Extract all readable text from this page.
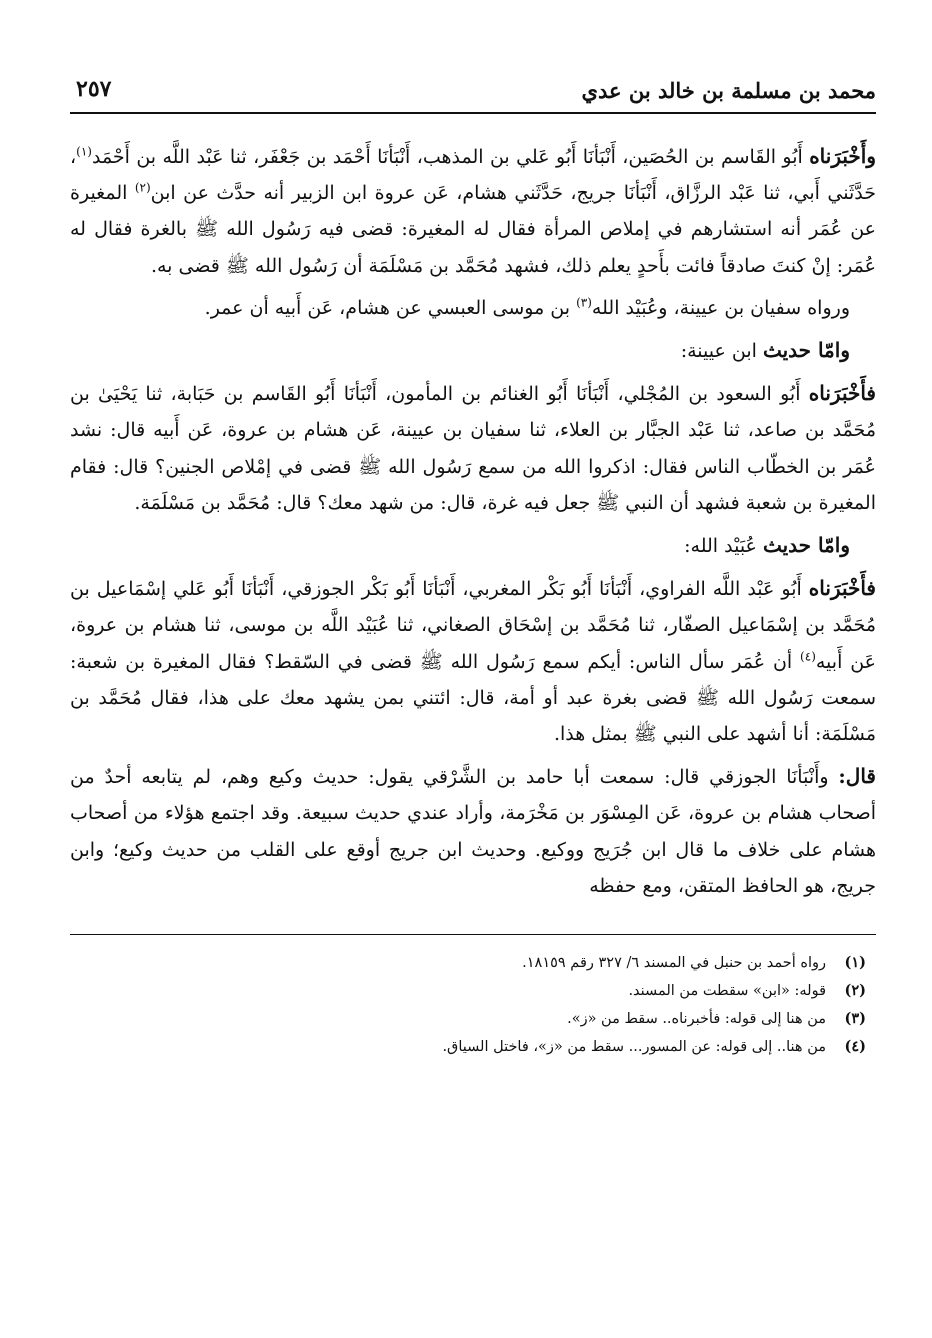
محمد بن مسلمة بن خالد بن عدي
٢٥٧

وأَخْبَرَناه أَبُو القَاسم بن الحُصَين، أَنْبَأنَا أَبُو عَلي بن المذهب، أَنْبَأنَا أَحْمَد بن جَعْفَر، ثنا عَبْد اللَّه بن أَحْمَد$^{(١)}$، حَدَّثَني أَبي، ثنا عَبْد الرزَّاق، أَنْبَأنَا جريج، حَدَّثَني هشام، عَن عروة ابن الزبير أنه حدَّث عن ابن$^{(٢)}$ المغيرة عن عُمَر أنه استشارهم في إملاص المرأة فقال له المغيرة: قضى فيه رَسُول الله ﷺ بالغرة فقال له عُمَر: إنْ كنتَ صادقاً فائت بأَحدٍ يعلم ذلك، فشهد مُحَمَّد بن مَسْلَمَة أن رَسُول الله ﷺ قضى به.

ورواه سفيان بن عيينة، وعُبَيْد الله$^{(٣)}$ بن موسى العبسي عن هشام، عَن أَبيه أن عمر.

وامّا حديث ابن عيينة:

فأَخْبَرَناه أَبُو السعود بن المُجْلي، أَنْبَأنَا أَبُو الغنائم بن المأمون، أَنْبَأنَا أَبُو القَاسم بن حَبَابة، ثنا يَحْيَىٰ بن مُحَمَّد بن صاعد، ثنا عَبْد الجبَّار بن العلاء، ثنا سفيان بن عيينة، عَن هشام بن عروة، عَن أَبيه قال: نشد عُمَر بن الخطّاب الناس فقال: اذكروا الله من سمع رَسُول الله ﷺ قضى في إمْلاص الجنين؟ قال: فقام المغيرة بن شعبة فشهد أن النبي ﷺ جعل فيه غرة، قال: من شهد معك؟ قال: مُحَمَّد بن مَسْلَمَة.

وامّا حديث عُبَيْد الله:

فأَخْبَرَناه أَبُو عَبْد اللَّه الفراوي، أَنْبَأنَا أَبُو بَكْر المغربي، أَنْبَأنَا أَبُو بَكْر الجوزقي، أَنْبَأنَا أَبُو عَلي إسْمَاعيل بن مُحَمَّد بن إسْمَاعيل الصفّار، ثنا مُحَمَّد بن إسْحَاق الصغاني، ثنا عُبَيْد اللَّه بن موسى، ثنا هشام بن عروة، عَن أَبيه$^{(٤)}$ أن عُمَر سأل الناس: أيكم سمع رَسُول الله ﷺ قضى في السّقط؟ فقال المغيرة بن شعبة: سمعت رَسُول الله ﷺ قضى بغرة عبد أو أمة، قال: ائتني بمن يشهد معك على هذا، فقال مُحَمَّد بن مَسْلَمَة: أنا أشهد على النبي ﷺ بمثل هذا.

قال: وأَنْبَأنَا الجوزقي قال: سمعت أبا حامد بن الشَّرْقي يقول: حديث وكيع وهم، لم يتابعه أحدٌ من أصحاب هشام بن عروة، عَن المِسْوَر بن مَخْرَمة، وأراد عندي حديث سبيعة. وقد اجتمع هؤلاء من أصحاب هشام على خلاف ما قال ابن جُرَيج ووكيع. وحديث ابن جريج أوقع على القلب من حديث وكيع؛ وابن جريج، هو الحافظ المتقن، ومع حفظه

(١)
رواه أحمد بن حنبل في المسند ٦/ ٣٢٧ رقم ١٨١٥٩.
(٢)
قوله: «ابن» سقطت من المسند.
(٣)
من هنا إلى قوله: فأخبرناه.. سقط من «ز».
(٤)
من هنا.. إلى قوله: عن المسور... سقط من «ز»، فاختل السياق.
